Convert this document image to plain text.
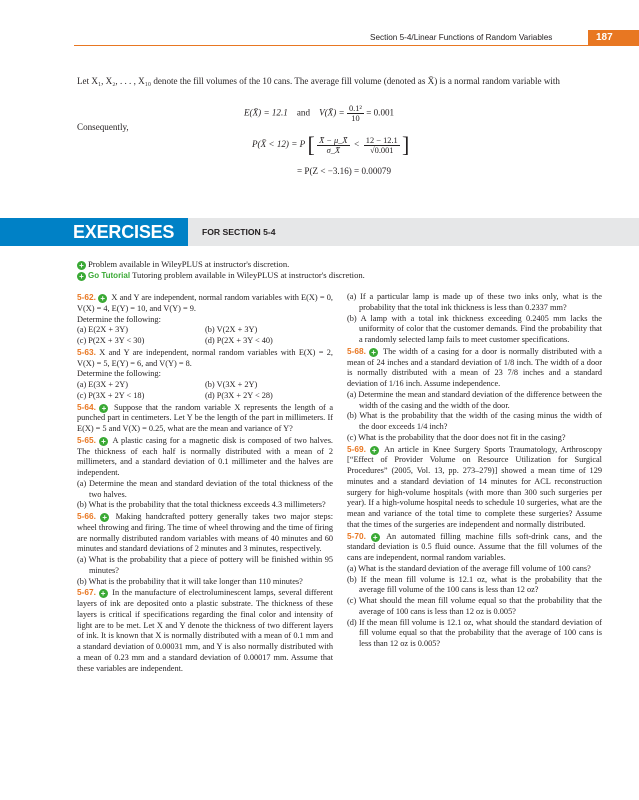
Section 5-4/Linear Functions of Random Variables	187

Let X₁, X₂, . . . , X₁₀ denote the fill volumes of the 10 cans. The average fill volume (denoted as X̄) is a normal random variable with

E(X̄) = 12.1 and V(X̄) = $\frac{\text{0.1²}}{10} = 0.001$
Consequently,
P(X̄ < 12) = P [ $\frac{X̄ - \mu\_X̄}{\sigma\_X̄} < \frac{12 - 12.1}{√0.001}$ ]
= P(Z < −3.16) = 0.00079
EXERCISES	FOR SECTION 5-4
+ Problem available in WileyPLUS at instructor's discretion.
+ Go Tutorial Tutoring problem available in WileyPLUS at instructor's discretion.

5-62. + X and Y are independent, normal random variables with E(X) = 0, V(X) = 4, E(Y) = 10, and V(Y) = 9.

Determine the following:

(a) E(2X + 3Y)	(b) V(2X + 3Y)
(c) P(2X + 3Y < 30)	(d) P(2X + 3Y < 40)

5-63. X and Y are independent, normal random variables with E(X) = 2, V(X) = 5, E(Y) = 6, and V(Y) = 8.

Determine the following:

(a) E(3X + 2Y)	(b) V(3X + 2Y)
(c) P(3X + 2Y < 18)	(d) P(3X + 2Y < 28)

5-64. + Suppose that the random variable X represents the length of a punched part in centimeters. Let Y be the length of the part in millimeters. If E(X) = 5 and V(X) = 0.25, what are the mean and variance of Y?

5-65. + A plastic casing for a magnetic disk is composed of two halves. The thickness of each half is normally distributed with a mean of 2 millimeters, and a standard deviation of 0.1 millimeter and the halves are independent.

(a) Determine the mean and standard deviation of the total thickness of the two halves.

(b) What is the probability that the total thickness exceeds 4.3 millimeters?

5-66. + Making handcrafted pottery generally takes two major steps: wheel throwing and firing. The time of wheel throwing and the time of firing are normally distributed random variables with means of 40 minutes and 60 minutes and standard deviations of 2 minutes and 3 minutes, respectively.

(a) What is the probability that a piece of pottery will be finished within 95 minutes?

(b) What is the probability that it will take longer than 110 minutes?

5-67. + In the manufacture of electroluminescent lamps, several different layers of ink are deposited onto a plastic substrate. The thickness of these layers is critical if specifications regarding the final color and intensity of light are to be met. Let X and Y denote the thickness of two different layers of ink. It is known that X is normally distributed with a mean of 0.1 mm and a standard deviation of 0.00031 mm, and Y is also normally distributed with a mean of 0.23 mm and a standard deviation of 0.00017 mm. Assume that these variables are independent.

(a) If a particular lamp is made up of these two inks only, what is the probability that the total ink thickness is less than 0.2337 mm?

(b) A lamp with a total ink thickness exceeding 0.2405 mm lacks the uniformity of color that the customer demands. Find the probability that a randomly selected lamp fails to meet customer specifications.

5-68. + The width of a casing for a door is normally distributed with a mean of 24 inches and a standard deviation of 1/8 inch. The width of a door is normally distributed with a mean of 23 7/8 inches and a standard deviation of 1/16 inch. Assume independence.

(a) Determine the mean and standard deviation of the difference between the width of the casing and the width of the door.

(b) What is the probability that the width of the casing minus the width of the door exceeds 1/4 inch?

(c) What is the probability that the door does not fit in the casing?

5-69. + An article in Knee Surgery Sports Traumatology, Arthroscopy [“Effect of Provider Volume on Resource Utilization for Surgical Procedures” (2005, Vol. 13, pp. 273–279)] showed a mean time of 129 minutes and a standard deviation of 14 minutes for ACL reconstruction surgery for high-volume hospitals (with more than 300 such surgeries per year). If a high-volume hospital needs to schedule 10 surgeries, what are the mean and variance of the total time to complete these surgeries? Assume that the times of the surgeries are independent and normally distributed.

5-70. + An automated filling machine fills soft-drink cans, and the standard deviation is 0.5 fluid ounce. Assume that the fill volumes of the cans are independent, normal random variables.

(a) What is the standard deviation of the average fill volume of 100 cans?

(b) If the mean fill volume is 12.1 oz, what is the probability that the average fill volume of the 100 cans is less than 12 oz?

(c) What should the mean fill volume equal so that the probability that the average of 100 cans is less than 12 oz is 0.005?

(d) If the mean fill volume is 12.1 oz, what should the standard deviation of fill volume equal so that the probability that the average of 100 cans is less than 12 oz is 0.005?
